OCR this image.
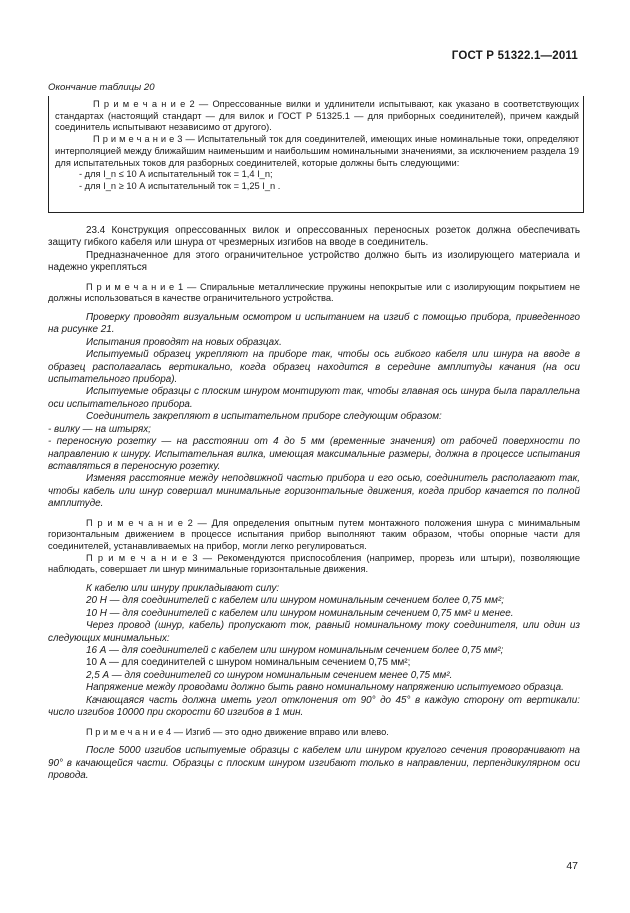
ГОСТ Р 51322.1—2011
Окончание таблицы 20

П р и м е ч а н и е 2 — Опрессованные вилки и удлинители испытывают, как указано в соответствующих стандартах (настоящий стандарт — для вилок и ГОСТ Р 51325.1 — для приборных соединителей), причем каждый соединитель испытывают независимо от другого).

П р и м е ч а н и е 3 — Испытательный ток для соединителей, имеющих иные номинальные токи, определяют интерполяцией между ближайшим наименьшим и наибольшим номинальными значениями, за исключением раздела 19 для испытательных токов для разборных соединителей, которые должны быть следующими:

- для I_n ≤ 10 А испытательный ток = 1,4 I_n;
- для I_n ≥ 10 А испытательный ток = 1,25 I_n .

23.4 Конструкция опрессованных вилок и опрессованных переносных розеток должна обеспечивать защиту гибкого кабеля или шнура от чрезмерных изгибов на вводе в соединитель.

Предназначенное для этого ограничительное устройство должно быть из изолирующего материала и надежно укрепляться

П р и м е ч а н и е 1 — Спиральные металлические пружины непокрытые или с изолирующим покрытием не должны использоваться в качестве ограничительного устройства.

Проверку проводят визуальным осмотром и испытанием на изгиб с помощью прибора, приведенного на рисунке 21.

Испытания проводят на новых образцах.

Испытуемый образец укрепляют на приборе так, чтобы ось гибкого кабеля или шнура на вводе в образец располагалась вертикально, когда образец находится в середине амплитуды качания (на оси испытательного прибора).

Испытуемые образцы с плоским шнуром монтируют так, чтобы главная ось шнура была параллельна оси испытательного прибора.

Соединитель закрепляют в испытательном приборе следующим образом:

- вилку — на штырях;

- переносную розетку — на расстоянии от 4 до 5 мм (временные значения) от рабочей поверхности по направлению к шнуру. Испытательная вилка, имеющая максимальные размеры, должна в процессе испытания вставляться в переносную розетку.

Изменяя расстояние между неподвижной частью прибора и его осью, соединитель располагают так, чтобы кабель или шнур совершал минимальные горизонтальные движения, когда прибор качается по полной амплитуде.

П р и м е ч а н и е 2 — Для определения опытным путем монтажного положения шнура с минимальным горизонтальным движением в процессе испытания прибор выполняют таким образом, чтобы опорные части для соединителей, устанавливаемых на прибор, могли легко регулироваться.

П р и м е ч а н и е 3 — Рекомендуются приспособления (например, прорезь или штыри), позволяющие наблюдать, совершает ли шнур минимальные горизонтальные движения.

К кабелю или шнуру прикладывают силу:

20 Н — для соединителей с кабелем или шнуром номинальным сечением более 0,75 мм²;

10 Н — для соединителей с кабелем или шнуром номинальным сечением 0,75 мм² и менее.

Через провод (шнур, кабель) пропускают ток, равный номинальному току соединителя, или один из следующих минимальных:

16 А — для соединителей с кабелем или шнуром номинальным сечением более 0,75 мм²;

10 А — для соединителей с шнуром номинальным сечением 0,75 мм²;

2,5 А — для соединителей со шнуром номинальным сечением менее 0,75 мм².

Напряжение между проводами должно быть равно номинальному напряжению испытуемого образца.

Качающаяся часть должна иметь угол отклонения от 90° до 45° в каждую сторону от вертикали: число изгибов 10000 при скорости 60 изгибов в 1 мин.

П р и м е ч а н и е 4 — Изгиб — это одно движение вправо или влево.

После 5000 изгибов испытуемые образцы с кабелем или шнуром круглого сечения проворачивают на 90° в качающейся части. Образцы с плоским шнуром изгибают только в направлении, перпендикулярном оси провода.

47
